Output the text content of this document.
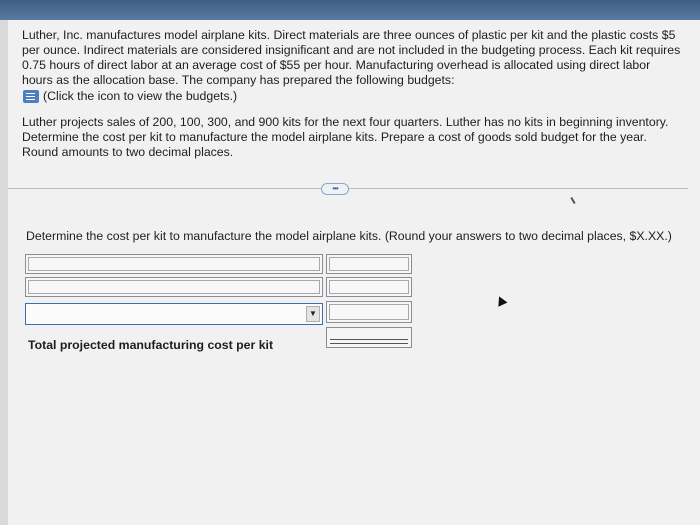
Luther, Inc. manufactures model airplane kits. Direct materials are three ounces of plastic per kit and the plastic costs $5 per ounce. Indirect materials are considered insignificant and are not included in the budgeting process. Each kit requires 0.75 hours of direct labor at an average cost of $55 per hour. Manufacturing overhead is allocated using direct labor hours as the allocation base. The company has prepared the following budgets:
(Click the icon to view the budgets.)
Luther projects sales of 200, 100, 300, and 900 kits for the next four quarters. Luther has no kits in beginning inventory. Determine the cost per kit to manufacture the model airplane kits. Prepare a cost of goods sold budget for the year. Round amounts to two decimal places.
•••
Determine the cost per kit to manufacture the model airplane kits. (Round your answers to two decimal places, $X.XX.)
▼
Total projected manufacturing cost per kit
